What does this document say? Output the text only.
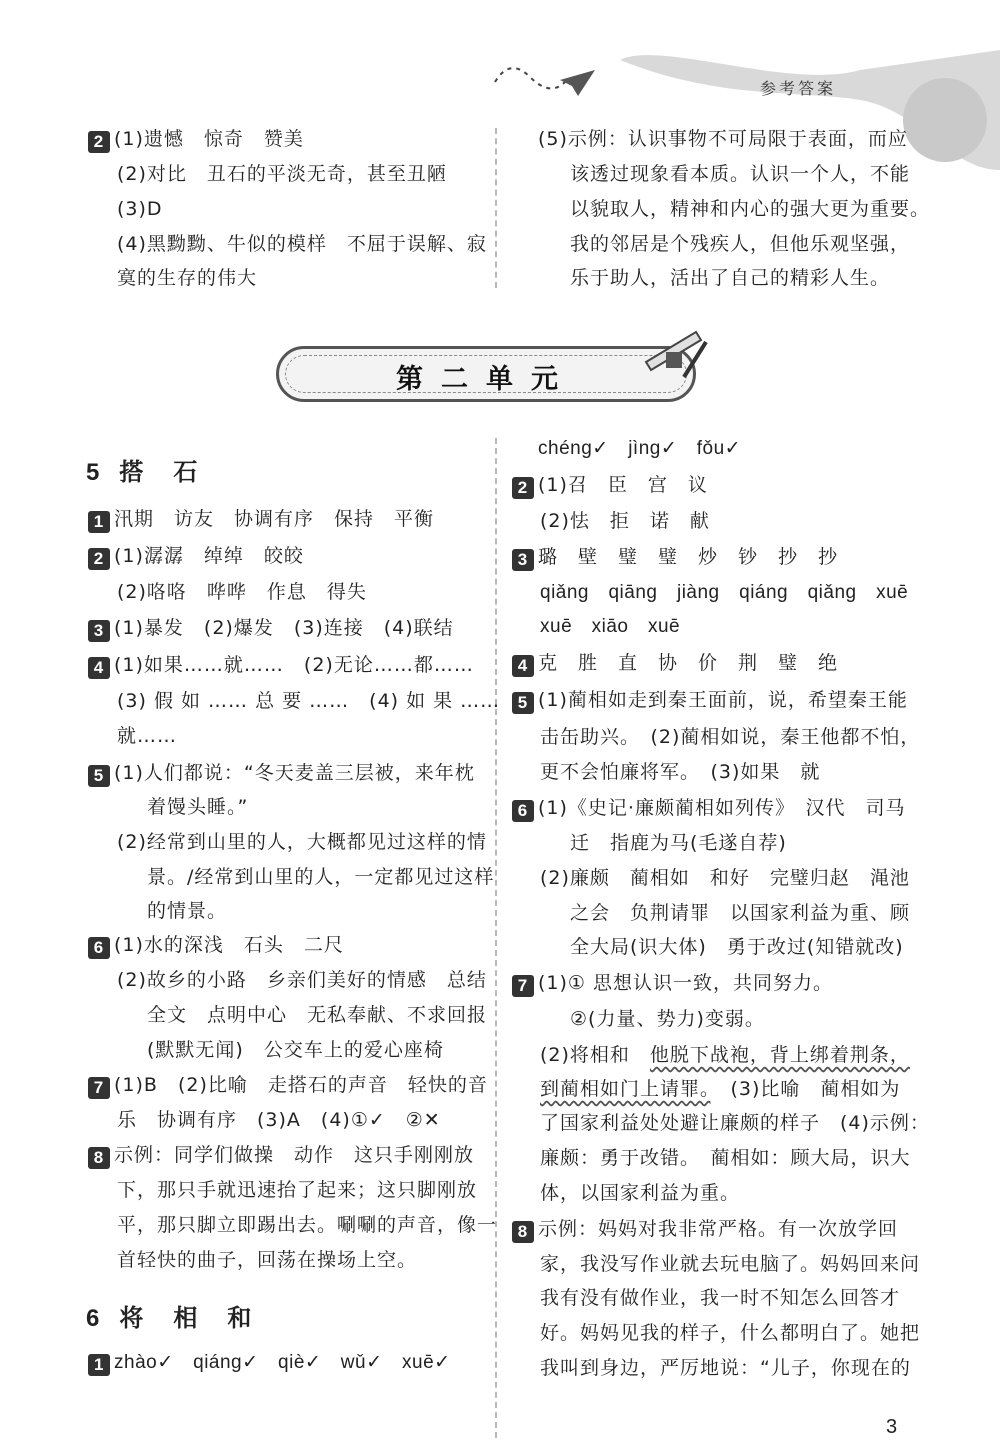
参考答案
2 (1)遗憾　惊奇　赞美
(2)对比　丑石的平淡无奇，甚至丑陋
(3)D
(4)黑黝黝、牛似的模样　不屈于误解、寂
寞的生存的伟大
(5)示例：认识事物不可局限于表面，而应
该透过现象看本质。认识一个人，不能
以貌取人，精神和内心的强大更为重要。
我的邻居是个残疾人，但他乐观坚强，
乐于助人，活出了自己的精彩人生。
第二单元
5 搭石
1 汛期　访友　协调有序　保持　平衡
2 (1)潺潺　绰绰　皎皎
(2)咯咯　哗哗　作息　得失
3 (1)暴发　(2)爆发　(3)连接　(4)联结
4 (1)如果……就……　(2)无论……都……
(3) 假 如 …… 总 要 ……　(4) 如 果 ……
就……
5 (1)人们都说：“冬天麦盖三层被，来年枕
着馒头睡。”
(2)经常到山里的人，大概都见过这样的情
景。/经常到山里的人，一定都见过这样
的情景。
6 (1)水的深浅　石头　二尺
(2)故乡的小路　乡亲们美好的情感　总结
全文　点明中心　无私奉献、不求回报
(默默无闻)　公交车上的爱心座椅
7 (1)B　(2)比喻　走搭石的声音　轻快的音
乐　协调有序　(3)A　(4)①✓　②✕
8 示例：同学们做操　动作　这只手刚刚放
下，那只手就迅速抬了起来；这只脚刚放
平，那只脚立即踢出去。唰唰的声音，像一
首轻快的曲子，回荡在操场上空。
6 将相和
1 zhào✓　qiáng✓　qiè✓　wǔ✓　xuē✓
chéng✓　jìng✓　fǒu✓
2 (1)召　臣　宫　议
(2)怯　拒　诺　献
3 璐　壁　璧　璧　炒　钞　抄　抄
qiǎng　qiāng　jiàng　qiáng　qiǎng　xuē
xuē　xiāo　xuē
4 克　胜　直　协　价　荆　璧　绝
5 (1)蔺相如走到秦王面前，说，希望秦王能
击缶助兴。　(2)蔺相如说，秦王他都不怕，
更不会怕廉将军。　(3)如果　就
6 (1)《史记·廉颇蔺相如列传》　汉代　司马
迁　指鹿为马(毛遂自荐)
(2)廉颇　蔺相如　和好　完璧归赵　渑池
之会　负荆请罪　以国家利益为重、顾
全大局(识大体)　勇于改过(知错就改)
7 (1)① 思想认识一致，共同努力。
②(力量、势力)变弱。
(2)将相和　他脱下战袍，背上绑着荆条，
到蔺相如门上请罪。　(3)比喻　蔺相如为
了国家利益处处避让廉颇的样子　(4)示例：
廉颇：勇于改错。　蔺相如：顾大局，识大
体，以国家利益为重。
8 示例：妈妈对我非常严格。有一次放学回
家，我没写作业就去玩电脑了。妈妈回来问
我有没有做作业，我一时不知怎么回答才
好。妈妈见我的样子，什么都明白了。她把
我叫到身边，严厉地说：“儿子，你现在的
3
